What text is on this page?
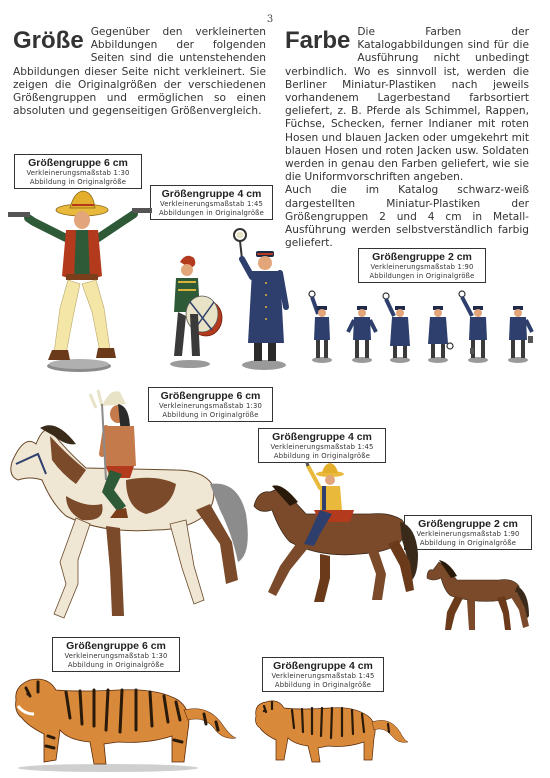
3
Größe Gegenüber den verkleinerten Abbildungen der folgenden Seiten sind die untenstehenden Abbildungen dieser Seite nicht verkleinert. Sie zeigen die Originalgrößen der verschiedenen Größengruppen und ermöglichen so einen absoluten und gegenseitigen Größenvergleich.

Farbe Die Farben der Katalogabbildungen sind für die Ausführung nicht unbedingt verbindlich. Wo es sinnvoll ist, werden die Berliner Miniatur-Plastiken nach jeweils vorhandenem Lagerbestand farbsortiert geliefert, z. B. Pferde als Schimmel, Rappen, Füchse, Schecken, ferner Indianer mit roten Hosen und blauen Jacken oder umgekehrt mit blauen Hosen und roten Jacken usw. Soldaten werden in genau den Farben geliefert, wie sie die Uniformvorschriften angeben.

Auch die im Katalog schwarz-weiß dargestellten Miniatur-Plastiken der Größengruppen 2 und 4 cm in Metall-Ausführung werden selbstverständlich farbig geliefert.

Größengruppe 6 cm
Verkleinerungsmaßstab 1:30
Abbildung in Originalgröße
Größengruppe 4 cm
Verkleinerungsmaßstab 1:45
Abbildungen in Originalgröße
Größengruppe 2 cm
Verkleinerungsmaßstab 1:90
Abbildungen in Originalgröße
Größengruppe 6 cm
Verkleinerungsmaßstab 1:30
Abbildung in Originalgröße
Größengruppe 4 cm
Verkleinerungsmaßstab 1:45
Abbildung in Originalgröße
Größengruppe 2 cm
Verkleinerungsmaßstab 1:90
Abbildung in Originalgröße
Größengruppe 6 cm
Verkleinerungsmaßstab 1:30
Abbildung in Originalgröße	Größengruppe 4 cm
Verkleinerungsmaßstab 1:45
Abbildung in Originalgröße
